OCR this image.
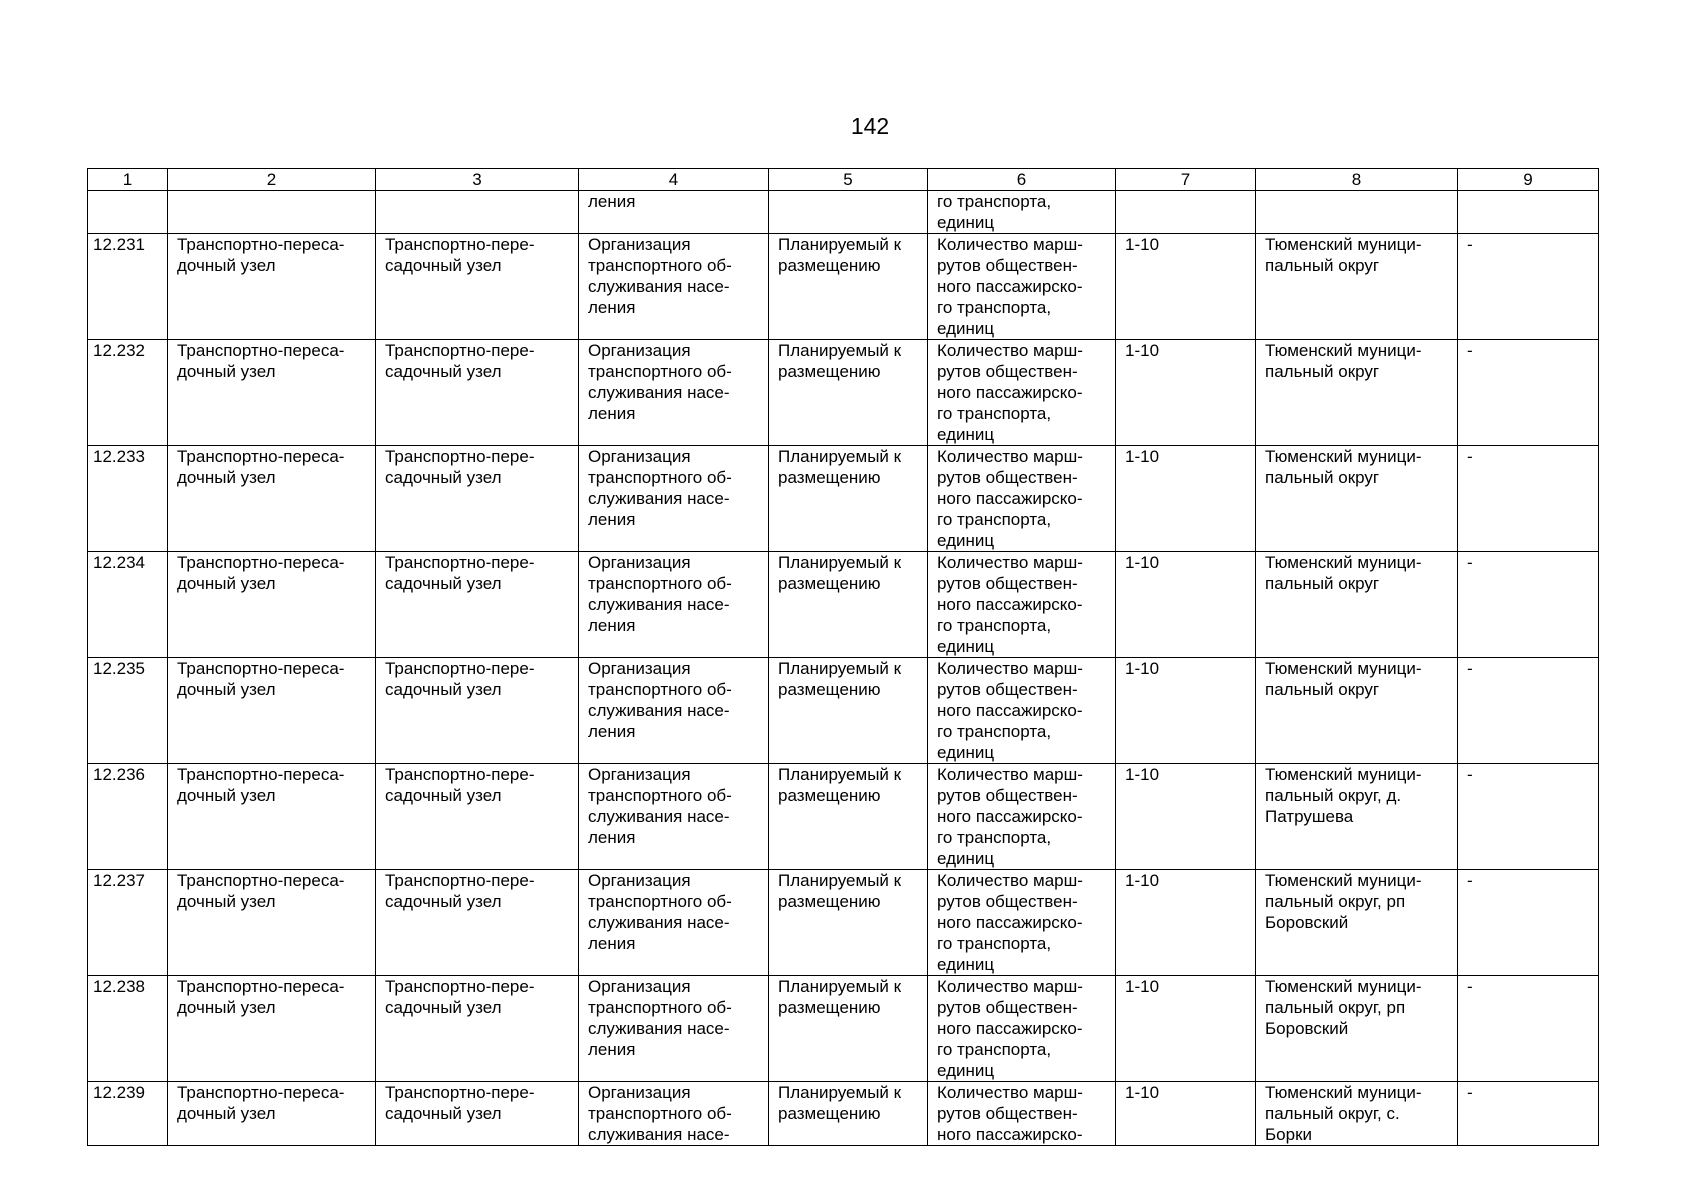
142
1	2	3	4	5	6	7	8	9
			ления		го транспорта,
единиц			
12.231	Транспортно-переса-
дочный узел	Транспортно-пере-
садочный узел	Организация
транспортного об-
служивания насе-
ления	Планируемый к
размещению	Количество марш-
рутов обществен-
ного пассажирско-
го транспорта,
единиц	1-10	Тюменский муници-
пальный округ	-
12.232	Транспортно-переса-
дочный узел	Транспортно-пере-
садочный узел	Организация
транспортного об-
служивания насе-
ления	Планируемый к
размещению	Количество марш-
рутов обществен-
ного пассажирско-
го транспорта,
единиц	1-10	Тюменский муници-
пальный округ	-
12.233	Транспортно-переса-
дочный узел	Транспортно-пере-
садочный узел	Организация
транспортного об-
служивания насе-
ления	Планируемый к
размещению	Количество марш-
рутов обществен-
ного пассажирско-
го транспорта,
единиц	1-10	Тюменский муници-
пальный округ	-
12.234	Транспортно-переса-
дочный узел	Транспортно-пере-
садочный узел	Организация
транспортного об-
служивания насе-
ления	Планируемый к
размещению	Количество марш-
рутов обществен-
ного пассажирско-
го транспорта,
единиц	1-10	Тюменский муници-
пальный округ	-
12.235	Транспортно-переса-
дочный узел	Транспортно-пере-
садочный узел	Организация
транспортного об-
служивания насе-
ления	Планируемый к
размещению	Количество марш-
рутов обществен-
ного пассажирско-
го транспорта,
единиц	1-10	Тюменский муници-
пальный округ	-
12.236	Транспортно-переса-
дочный узел	Транспортно-пере-
садочный узел	Организация
транспортного об-
служивания насе-
ления	Планируемый к
размещению	Количество марш-
рутов обществен-
ного пассажирско-
го транспорта,
единиц	1-10	Тюменский муници-
пальный округ, д.
Патрушева	-
12.237	Транспортно-переса-
дочный узел	Транспортно-пере-
садочный узел	Организация
транспортного об-
служивания насе-
ления	Планируемый к
размещению	Количество марш-
рутов обществен-
ного пассажирско-
го транспорта,
единиц	1-10	Тюменский муници-
пальный округ, рп
Боровский	-
12.238	Транспортно-переса-
дочный узел	Транспортно-пере-
садочный узел	Организация
транспортного об-
служивания насе-
ления	Планируемый к
размещению	Количество марш-
рутов обществен-
ного пассажирско-
го транспорта,
единиц	1-10	Тюменский муници-
пальный округ, рп
Боровский	-
12.239	Транспортно-переса-
дочный узел	Транспортно-пере-
садочный узел	Организация
транспортного об-
служивания насе-	Планируемый к
размещению	Количество марш-
рутов обществен-
ного пассажирско-	1-10	Тюменский муници-
пальный округ, с.
Борки	-
